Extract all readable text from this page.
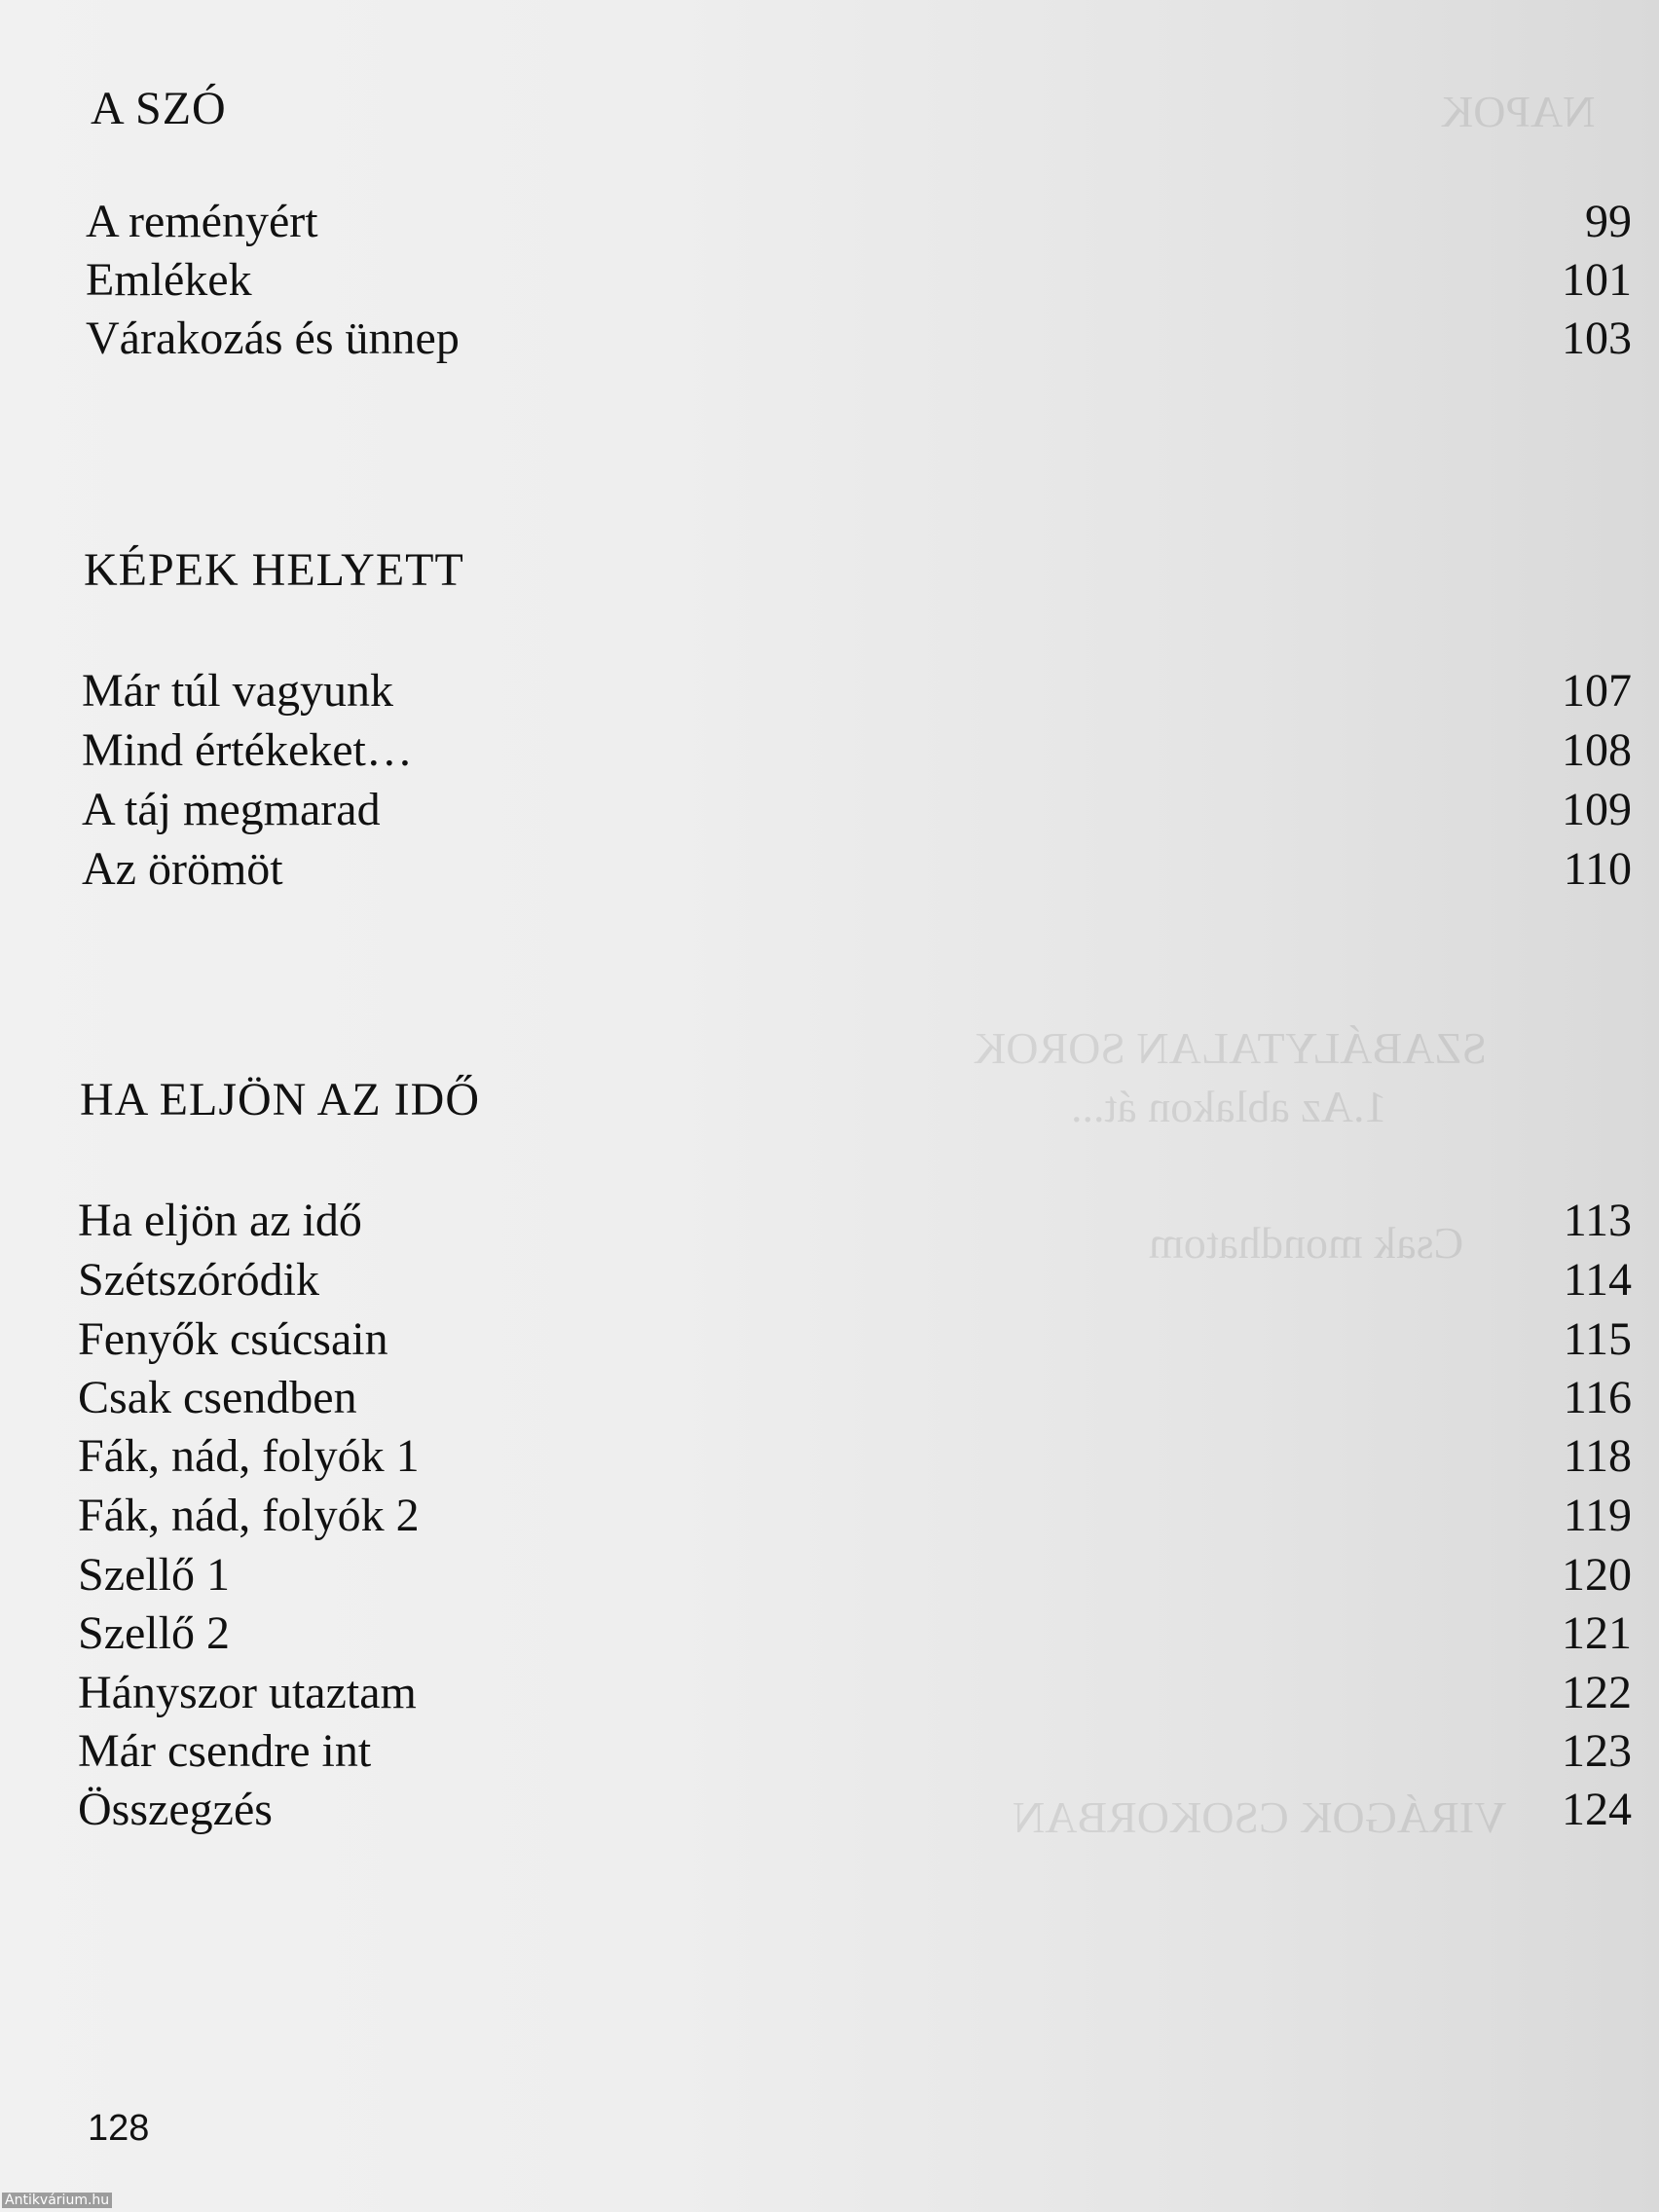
NAPOK
SZABÁLYTALAN SOROK
VIRÁGOK CSOKORBAN
1.Az ablakon át...
Csak mondhatom
A SZÓ
A reményért	99
Emlékek	101
Várakozás és ünnep	103
KÉPEK HELYETT
Már túl vagyunk	107
Mind értékeket…	108
A táj megmarad	109
Az örömöt	110
HA ELJÖN AZ IDŐ
Ha eljön az idő	113
Szétszóródik	114
Fenyők csúcsain	115
Csak csendben	116
Fák, nád, folyók 1	118
Fák, nád, folyók 2	119
Szellő 1	120
Szellő 2	121
Hányszor utaztam	122
Már csendre int	123
Összegzés	124
128
Antikvárium.hu
